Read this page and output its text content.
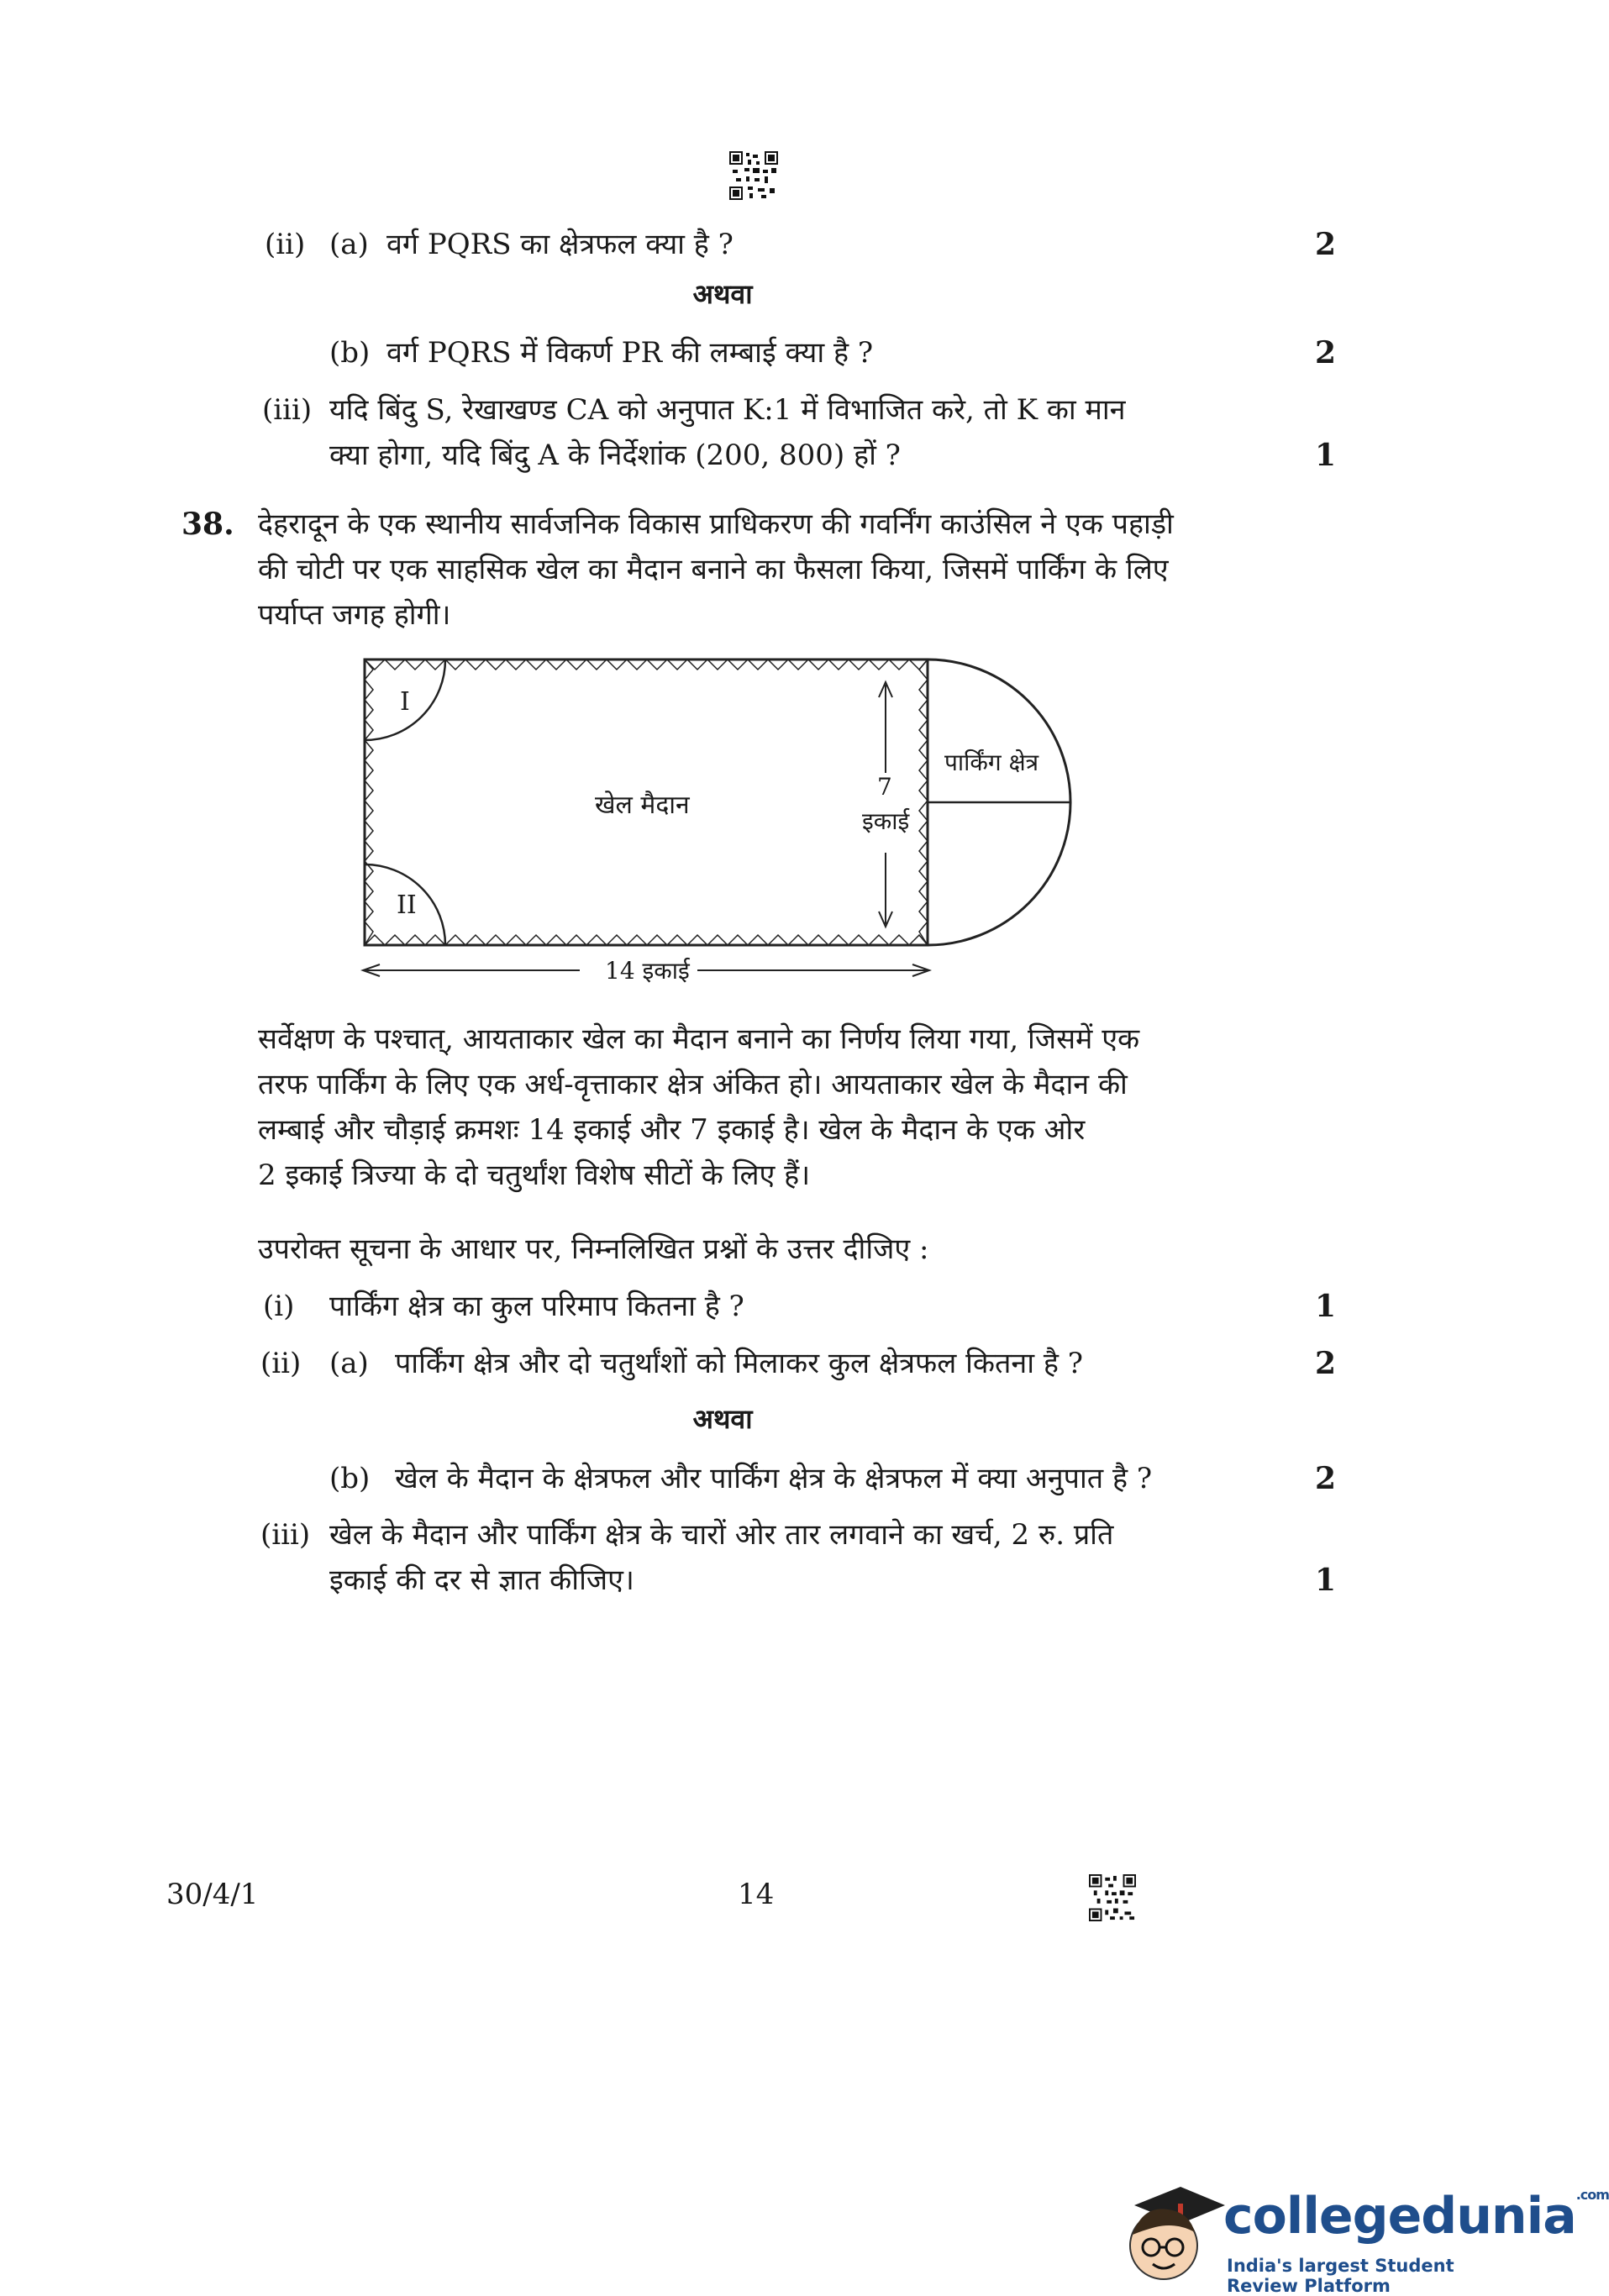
(ii) (a) वर्ग PQRS का क्षेत्रफल क्या है ?	2
अथवा
(b) वर्ग PQRS में विकर्ण PR की लम्बाई क्या है ?	2
(iii) यदि बिंदु S, रेखाखण्ड CA को अनुपात K:1 में विभाजित करे, तो K का मान
क्या होगा, यदि बिंदु A के निर्देशांक (200, 800) हों ?	1
38. देहरादून के एक स्थानीय सार्वजनिक विकास प्राधिकरण की गवर्निंग काउंसिल ने एक पहाड़ी
की चोटी पर एक साहसिक खेल का मैदान बनाने का फैसला किया, जिसमें पार्किंग के लिए
पर्याप्त जगह होगी।
I
II
खेल मैदान
7
इकाई
पार्किंग क्षेत्र
14 इकाई
सर्वेक्षण के पश्चात्, आयताकार खेल का मैदान बनाने का निर्णय लिया गया, जिसमें एक
तरफ पार्किंग के लिए एक अर्ध-वृत्ताकार क्षेत्र अंकित हो। आयताकार खेल के मैदान की
लम्बाई और चौड़ाई क्रमशः 14 इकाई और 7 इकाई है। खेल के मैदान के एक ओर
2 इकाई त्रिज्या के दो चतुर्थांश विशेष सीटों के लिए हैं।
उपरोक्त सूचना के आधार पर, निम्नलिखित प्रश्नों के उत्तर दीजिए :
(i) पार्किंग क्षेत्र का कुल परिमाप कितना है ?	1
(ii) (a) पार्किंग क्षेत्र और दो चतुर्थांशों को मिलाकर कुल क्षेत्रफल कितना है ?	2
अथवा
(b) खेल के मैदान के क्षेत्रफल और पार्किंग क्षेत्र के क्षेत्रफल में क्या अनुपात है ?	2
(iii) खेल के मैदान और पार्किंग क्षेत्र के चारों ओर तार लगवाने का खर्च, 2 रु. प्रति
इकाई की दर से ज्ञात कीजिए।	1
30/4/1	14
collegedunia$^{.com}$
India's largest Student Review Platform
